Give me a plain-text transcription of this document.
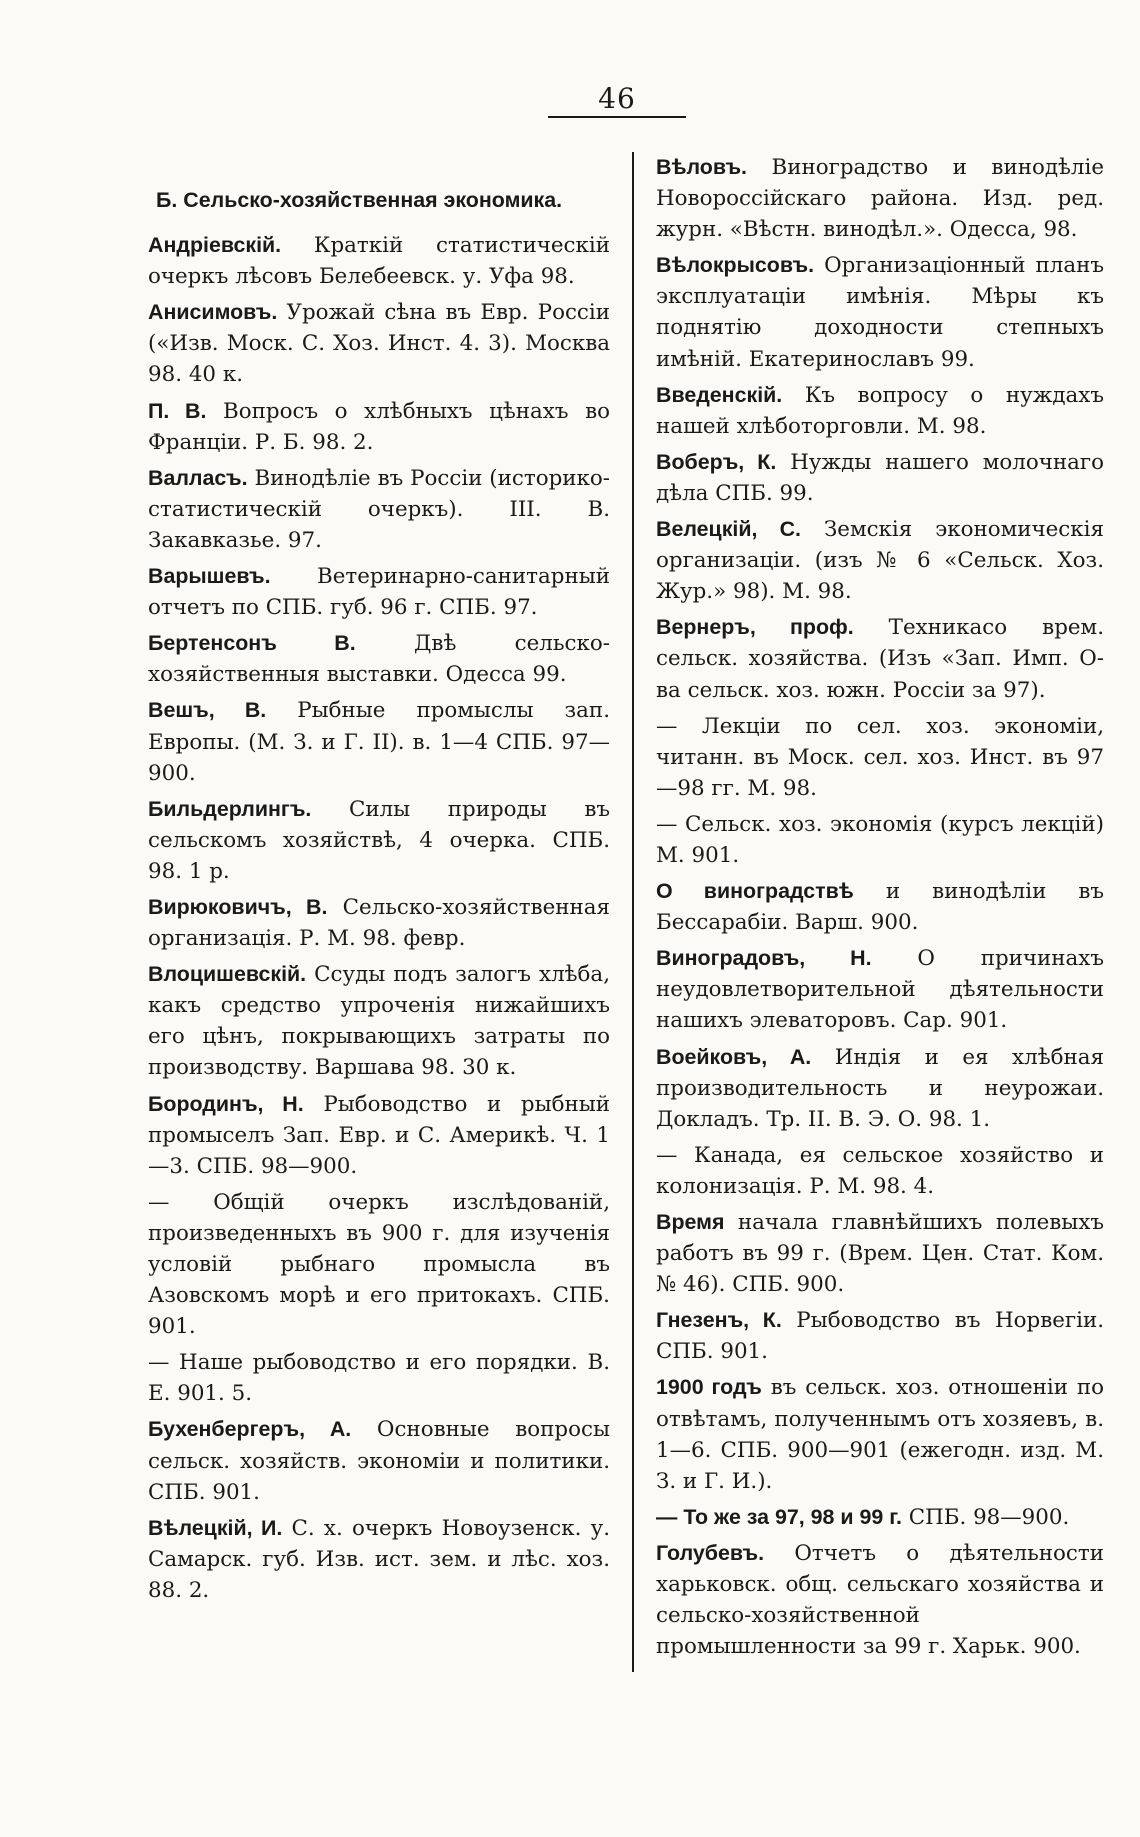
46
Б. Сельско-хозяйственная экономика.
Андрiевскiй. Краткiй статистическiй очеркъ лѣсовъ Белебеевск. у. Уфа 98.
Анисимовъ. Урожай сѣна въ Евр. Россiи («Изв. Моск. С. Хоз. Инст. 4. 3). Москва 98. 40 к.
П. В. Вопросъ о хлѣбныхъ цѣнахъ во Францiи. Р. Б. 98. 2.
Валласъ. Винодѣлiе въ Россiи (историко-статистическiй очеркъ). III. В. Закавказье. 97.
Варышевъ. Ветеринарно-санитарный отчетъ по СПБ. губ. 96 г. СПБ. 97.
Бертенсонъ В. Двѣ сельско-хозяйственныя выставки. Одесса 99.
Вешъ, В. Рыбные промыслы зап. Европы. (М. З. и Г. II). в. 1—4 СПБ. 97—900.
Бильдерлингъ. Силы природы въ сельскомъ хозяйствѣ, 4 очерка. СПБ. 98. 1 р.
Вирюковичъ, В. Сельско-хозяйственная организацiя. Р. М. 98. февр.
Влоцишевскiй. Ссуды подъ залогъ хлѣба, какъ средство упроченiя нижайшихъ его цѣнъ, покрывающихъ затраты по производству. Варшава 98. 30 к.
Бородинъ, Н. Рыбоводство и рыбный промыселъ Зап. Евр. и С. Америкѣ. Ч. 1—3. СПБ. 98—900.
— Общiй очеркъ изслѣдованiй, произведенныхъ въ 900 г. для изученiя условiй рыбнаго промысла въ Азовскомъ морѣ и его притокахъ. СПБ. 901.
— Наше рыбоводство и его порядки. В. Е. 901. 5.
Бухенбергеръ, А. Основные вопросы сельск. хозяйств. экономiи и политики. СПБ. 901.
Вѣлецкiй, И. С. х. очеркъ Новоузенск. у. Самарск. губ. Изв. ист. зем. и лѣс. хоз. 88. 2.
Вѣловъ. Виноградство и винодѣлiе Новороссiйскаго района. Изд. ред. журн. «Вѣстн. винодѣл.». Одесса, 98.
Вѣлокрысовъ. Организацiонный планъ эксплуатацiи имѣнiя. Мѣры къ поднятiю доходности степныхъ имѣнiй. Екатеринославъ 99.
Введенскiй. Къ вопросу о нуждахъ нашей хлѣботорговли. М. 98.
Воберъ, К. Нужды нашего молочнаго дѣла СПБ. 99.
Велецкiй, С. Земскiя экономическiя организацiи. (изъ № 6 «Сельск. Хоз. Жур.» 98). М. 98.
Вернеръ, проф. Техникасо врем. сельск. хозяйства. (Изъ «Зап. Имп. О-ва сельск. хоз. южн. Россiи за 97).
— Лекцiи по сел. хоз. экономiи, читанн. въ Моск. сел. хоз. Инст. въ 97—98 гг. М. 98.
— Сельск. хоз. экономiя (курсъ лекцiй) М. 901.
О виноградствѣ и винодѣлiи въ Бессарабiи. Варш. 900.
Виноградовъ, Н. О причинахъ неудовлетворительной дѣятельности нашихъ элеваторовъ. Сар. 901.
Воейковъ, А. Индiя и ея хлѣбная производительность и неурожаи. Докладъ. Тр. II. В. Э. О. 98. 1.
— Канада, ея сельское хозяйство и колонизацiя. Р. М. 98. 4.
Время начала главнѣйшихъ полевыхъ работъ въ 99 г. (Врем. Цен. Стат. Ком. № 46). СПБ. 900.
Гнезенъ, К. Рыбоводство въ Норвегiи. СПБ. 901.
1900 годъ въ сельск. хоз. отношенiи по отвѣтамъ, полученнымъ отъ хозяевъ, в. 1—6. СПБ. 900—901 (ежегодн. изд. М. З. и Г. И.).
— То же за 97, 98 и 99 г. СПБ. 98—900.
Голубевъ. Отчетъ о дѣятельности харьковск. общ. сельскаго хозяйства и сельско-хозяйственной промышленности за 99 г. Харьк. 900.
